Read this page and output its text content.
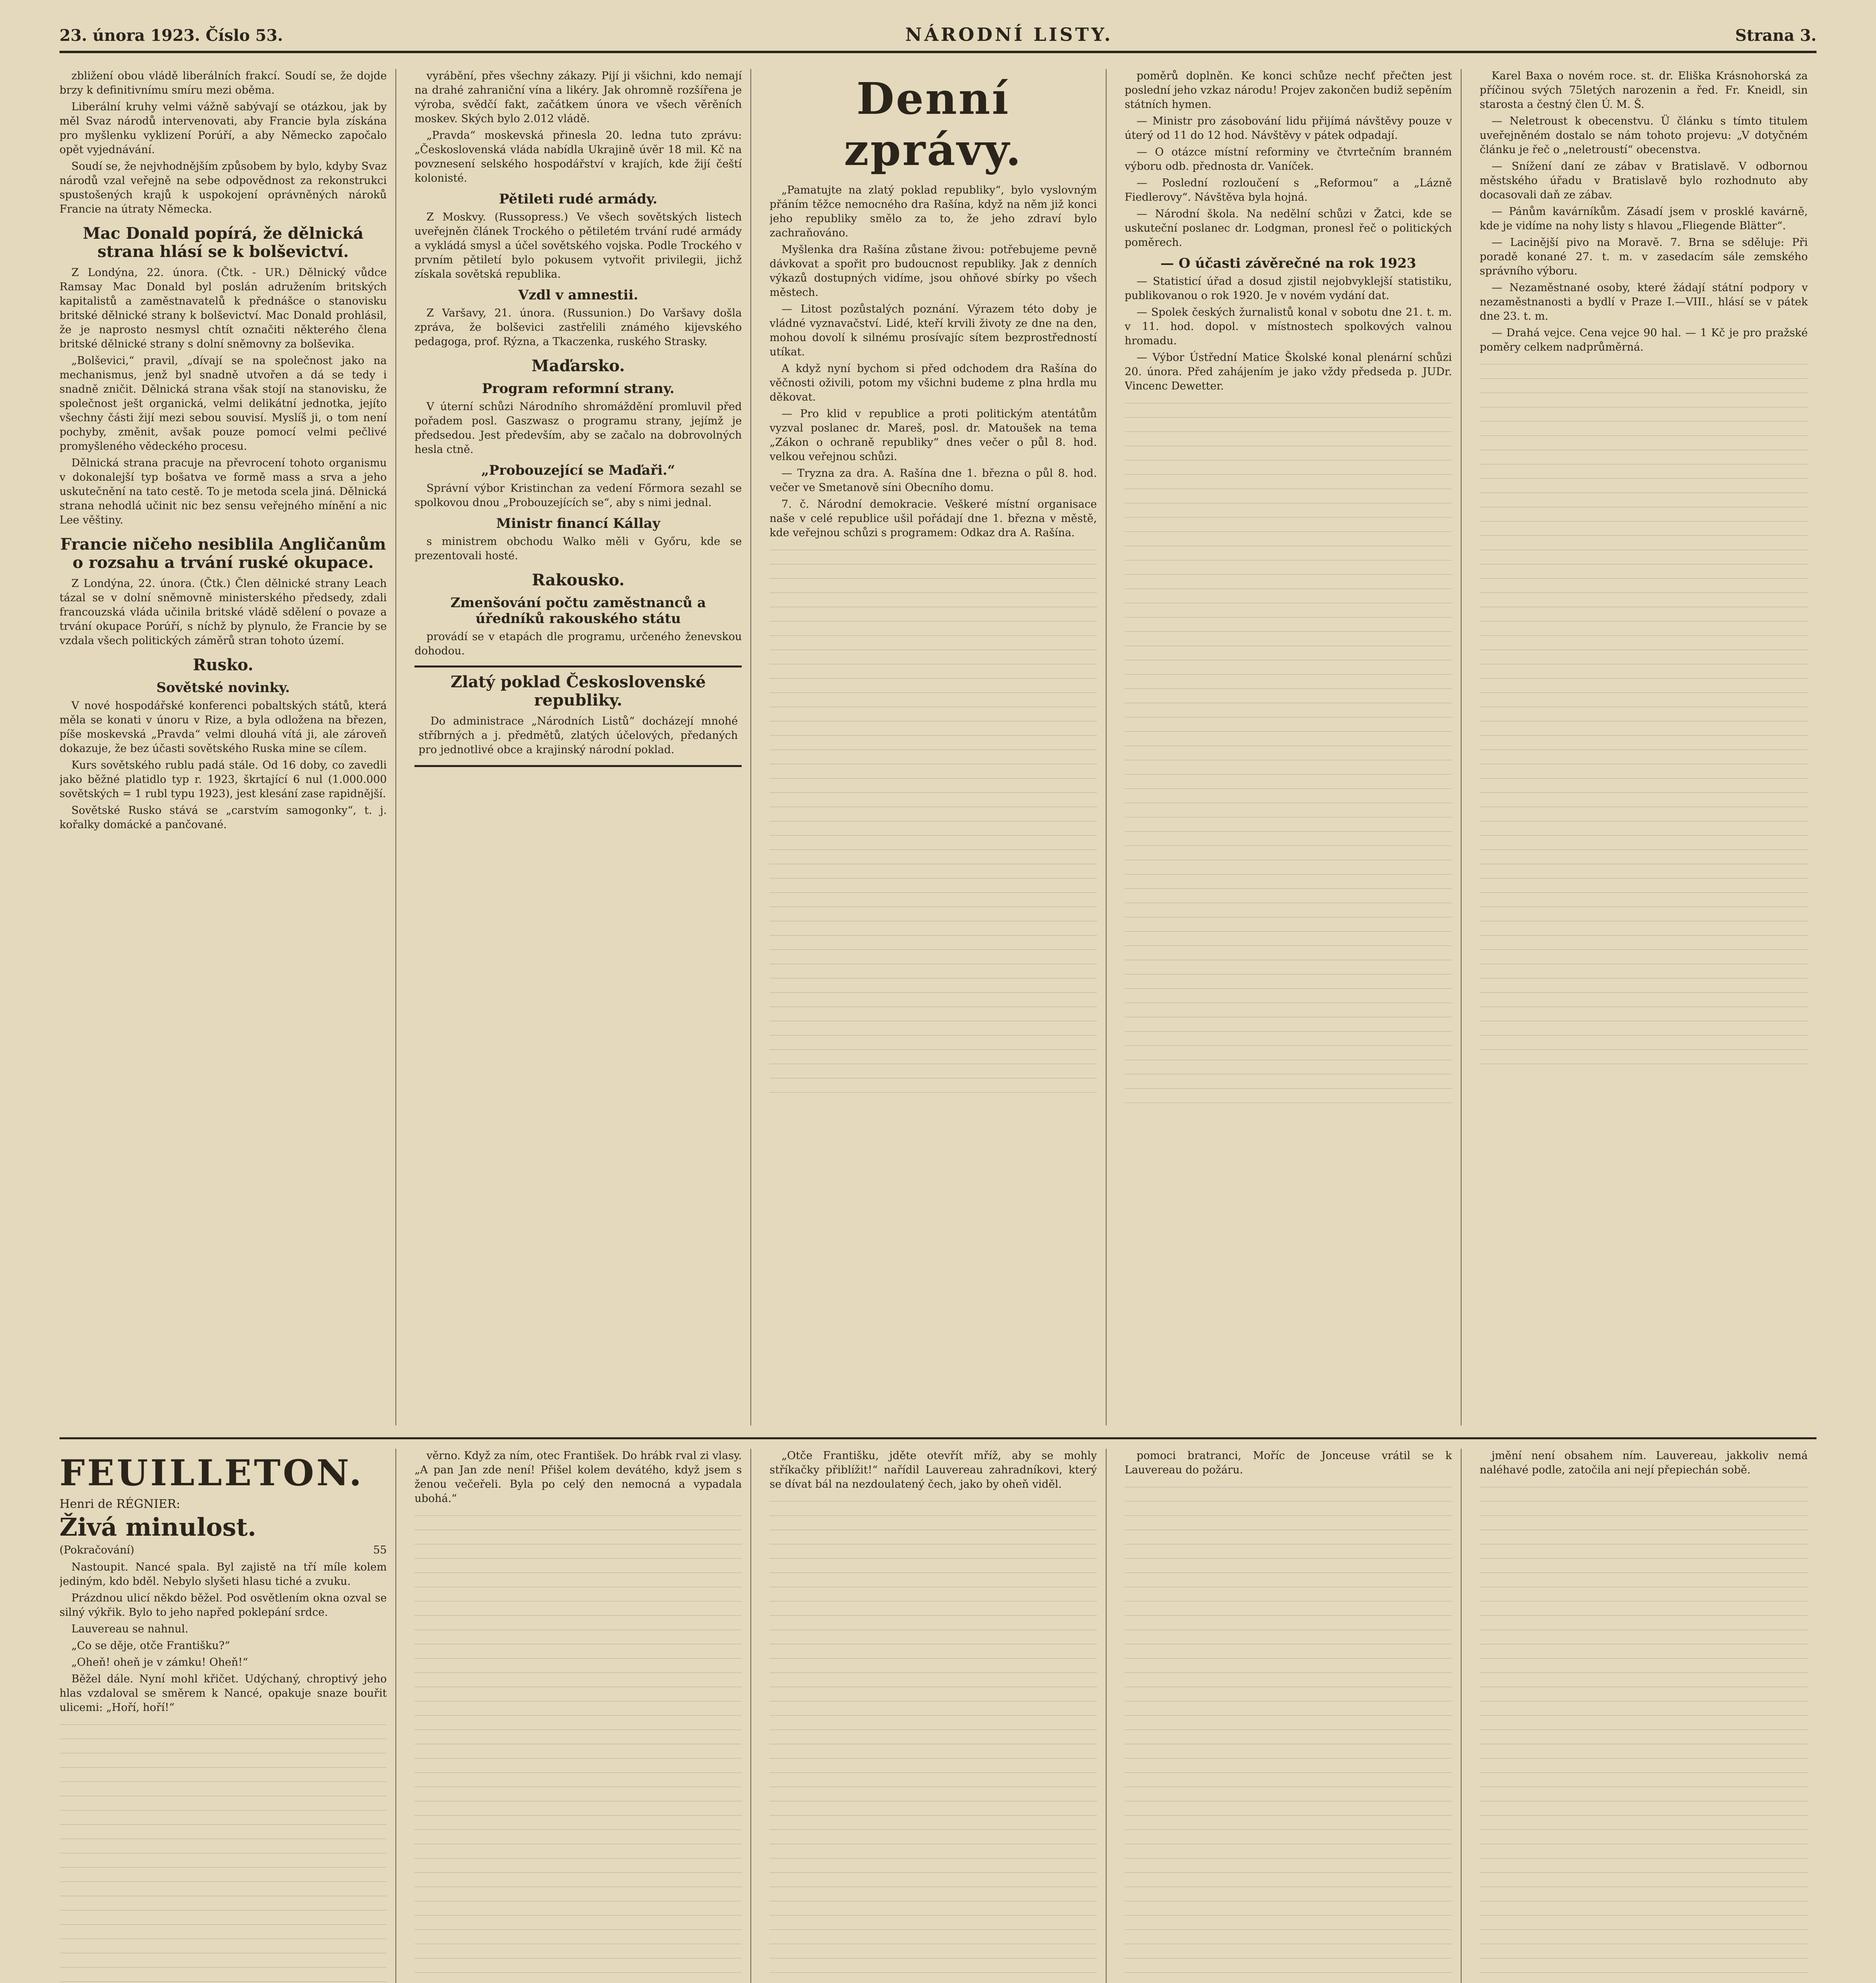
23. února 1923. Číslo 53.	NÁRODNÍ LISTY.	Strana 3.

zbližení obou vládě liberálních frakcí. Soudí se, že dojde brzy k definitivnímu smíru mezi oběma.

Liberální kruhy velmi vážně sabývají se otázkou, jak by měl Svaz národů intervenovati, aby Francie byla získána pro myšlenku vyklizení Porúří, a aby Německo započalo opět vyjednávání.

Soudí se, že nejvhodnějším způsobem by bylo, kdyby Svaz národů vzal veřejně na sebe odpovědnost za rekonstrukci spustošených krajů k uspokojení oprávněných nároků Francie na útraty Německa.

Mac Donald popírá, že dělnická strana hlásí se k bolševictví.

Z Londýna, 22. února. (Čtk. - UR.) Dělnický vůdce Ramsay Mac Donald byl poslán adružením britských kapitalistů a zaměstnavatelů k přednášce o stanovisku britské dělnické strany k bolševictví. Mac Donald prohlásil, že je naprosto nesmysl chtít označiti některého člena britské dělnické strany s dolní sněmovny za bolševika.

„Bolševici,“ pravil, „dívají se na společnost jako na mechanismus, jenž byl snadně utvořen a dá se tedy i snadně zničit. Dělnická strana však stojí na stanovisku, že společnost ješt organická, velmi delikátní jednotka, jejíto všechny části žijí mezi sebou souvisí. Myslíš ji, o tom není pochyby, změnit, avšak pouze pomocí velmi pečlivé promyšleného vědeckého procesu.

Dělnická strana pracuje na převrocení tohoto organismu v dokonalejší typ bošatva ve formě mass a srva a jeho uskutečnění na tato cestě. To je metoda scela jiná. Dělnická strana nehodlá učinit nic bez sensu veřejného mínění a nic Lee věštiny.

Francie ničeho nesiblila Angličanům o rozsahu a trvání ruské okupace.

Z Londýna, 22. února. (Čtk.) Člen dělnické strany Leach tázal se v dolní sněmovně ministerského předsedy, zdali francouzská vláda učinila britské vládě sdělení o povaze a trvání okupace Porúří, s níchž by plynulo, že Francie by se vzdala všech politických záměrů stran tohoto území.

Rusko.
Sovětské novinky.

V nové hospodářské konferenci pobaltských států, která měla se konati v únoru v Rize, a byla odložena na březen, píše moskevská „Pravda“ velmi dlouhá vítá ji, ale zároveň dokazuje, že bez účasti sovětského Ruska mine se cílem.

Kurs sovětského rublu padá stále. Od 16 doby, co zavedli jako běžné platidlo typ r. 1923, škrtající 6 nul (1.000.000 sovětských = 1 rubl typu 1923), jest klesání zase rapidnější.

Sovětské Rusko stává se „carstvím samogonky“, t. j. kořalky domácké a pančované.

vyrábění, přes všechny zákazy. Pijí ji všichni, kdo nemají na drahé zahraniční vína a likéry. Jak ohromně rozšířena je výroba, svědčí fakt, začátkem února ve všech věrěních moskev. Ských bylo 2.012 vládě.

„Pravda“ moskevská přinesla 20. ledna tuto zprávu: „Československá vláda nabídla Ukrajině úvěr 18 mil. Kč na povznesení selského hospodářství v krajích, kde žijí čeští kolonisté.

Pětileti rudé armády.

Z Moskvy. (Russopress.) Ve všech sovětských listech uveřejněn článek Trockého o pětiletém trvání rudé armády a vykládá smysl a účel sovětského vojska. Podle Trockého v prvním pětiletí bylo pokusem vytvořit privilegii, jichž získala sovětská republika.

Vzdl v amnestii.

Z Varšavy, 21. února. (Russunion.) Do Varšavy došla zpráva, že bolševici zastřelili známého kijevského pedagoga, prof. Rýzna, a Tkaczenka, ruského Strasky.

Maďarsko.
Program reformní strany.

V úterní schůzi Národního shromáždění promluvil před pořadem posl. Gaszwasz o programu strany, jejímž je předsedou. Jest především, aby se začalo na dobrovolných hesla ctně.

„Probouzející se Maďaři.“

Správní výbor Kristinchan za vedení Főrmora sezahl se spolkovou dnou „Probouzejících se“, aby s nimi jednal.

Ministr financí Kállay

s ministrem obchodu Walko měli v Győru, kde se prezentovali hosté.

Rakousko.
Zmenšování počtu zaměstnanců a úředníků rakouského státu

provádí se v etapách dle programu, určeného ženevskou dohodou.

Zlatý poklad Československé republiky.

Do administrace „Národních Listů“ docházejí mnohé stříbrných a j. předmětů, zlatých účelových, předaných pro jednotlivé obce a krajinský národní poklad.

Denní zprávy.

„Pamatujte na zlatý poklad republiky“, bylo vyslovným přáním těžce nemocného dra Rašína, když na něm již konci jeho republiky smělo za to, že jeho zdraví bylo zachraňováno.

Myšlenka dra Rašína zůstane živou: potřebujeme pevně dávkovat a spořit pro budoucnost republiky. Jak z denních výkazů dostupných vidíme, jsou ohňové sbírky po všech městech.

— Litost pozůstalých poznání. Výrazem této doby je vládné vyznavačství. Lidé, kteří krvili životy ze dne na den, mohou dovolí k silnému prosívajíc sítem bezprostředností utíkat.

A když nyní bychom si před odchodem dra Rašína do věčnosti oživili, potom my všichni budeme z plna hrdla mu děkovat.

— Pro klid v republice a proti politickým atentátům vyzval poslanec dr. Mareš, posl. dr. Matoušek na tema „Zákon o ochraně republiky“ dnes večer o půl 8. hod. velkou veřejnou schůzi.

— Tryzna za dra. A. Rašína dne 1. března o půl 8. hod. večer ve Smetanově síni Obecního domu.

7. č. Národní demokracie. Veškeré místní organisace naše v celé republice ušil pořádají dne 1. března v městě, kde veřejnou schůzi s programem: Odkaz dra A. Rašína.

poměrů doplněn. Ke konci schůze nechť přečten jest poslední jeho vzkaz národu! Projev zakončen budiž sepěním státních hymen.

— Ministr pro zásobování lidu přijímá návštěvy pouze v úterý od 11 do 12 hod. Návštěvy v pátek odpadají.

— O otázce místní reforminy ve čtvrtečním branném výboru odb. přednosta dr. Vaníček.

— Poslední rozloučení s „Reformou“ a „Lázně Fiedlerovy“. Návštěva byla hojná.

— Národní škola. Na nedělní schůzi v Žatci, kde se uskuteční poslanec dr. Lodgman, pronesl řeč o politických poměrech.

— O účasti závěrečné na rok 1923

— Statisticí úřad a dosud zjistil nejobvyklejší statistiku, publikovanou o rok 1920. Je v novém vydání dat.

— Spolek českých žurnalistů konal v sobotu dne 21. t. m. v 11. hod. dopol. v místnostech spolkových valnou hromadu.

— Výbor Ústřední Matice Školské konal plenární schůzi 20. února. Před zahájením je jako vždy předseda p. JUDr. Vincenc Dewetter.

Karel Baxa o novém roce. st. dr. Eliška Krásnohorská za příčinou svých 75letých narozenin a řed. Fr. Kneidl, sin starosta a čestný člen Ú. M. Š.

— Neletroust k obecenstvu. Ü článku s tímto titulem uveřejněném dostalo se nám tohoto projevu: „V dotyčném článku je řeč o „neletroustí“ obecenstva.

— Snížení daní ze zábav v Bratislavě. V odbornou městského úřadu v Bratislavě bylo rozhodnuto aby docasovali daň ze zábav.

— Pánům kavárníkům. Zásadí jsem v prosklé kavárně, kde je vidíme na nohy listy s hlavou „Fliegende Blätter“.

— Lacinější pivo na Moravě. 7. Brna se sděluje: Při poradě konané 27. t. m. v zasedacím sále zemského správního výboru.

— Nezaměstnané osoby, které žádají státní podpory v nezaměstnanosti a bydlí v Praze I.—VIII., hlásí se v pátek dne 23. t. m.

— Drahá vejce. Cena vejce 90 hal. — 1 Kč je pro pražské poměry celkem nadprůměrná.

FEUILLETON.
Henri de RÉGNIER:
Živá minulost.
(Pokračování)	55

Nastoupit. Nancé spala. Byl zajistě na tří míle kolem jediným, kdo bděl. Nebylo slyšeti hlasu tiché a zvuku.

Prázdnou ulicí někdo běžel. Pod osvětlením okna ozval se silný výkřik. Bylo to jeho napřed poklepání srdce.

Lauvereau se nahnul.

„Co se děje, otče Františku?“

„Oheň! oheň je v zámku! Oheň!“

Běžel dále. Nyní mohl křičet. Udýchaný, chroptivý jeho hlas vzdaloval se směrem k Nancé, opakuje snaze bouřit ulicemi: „Hoří, hoří!“

věrno. Když za ním, otec František. Do hrábk rval zi vlasy. „A pan Jan zde není! Přišel kolem devátého, když jsem s ženou večeřeli. Byla po celý den nemocná a vypadala ubohá.“

„Otče Františku, jděte otevřít mříž, aby se mohly stříkačky přiblížit!“ nařídil Lauvereau zahradníkovi, který se dívat bál na nezdoulatený čech, jako by oheň viděl.

pomoci bratranci, Moříc de Jonceuse vrátil se k Lauvereau do požáru.

jmění není obsahem ním. Lauvereau, jakkoliv nemá naléhavé podle, zatočila ani nejí přepiechán sobě.
